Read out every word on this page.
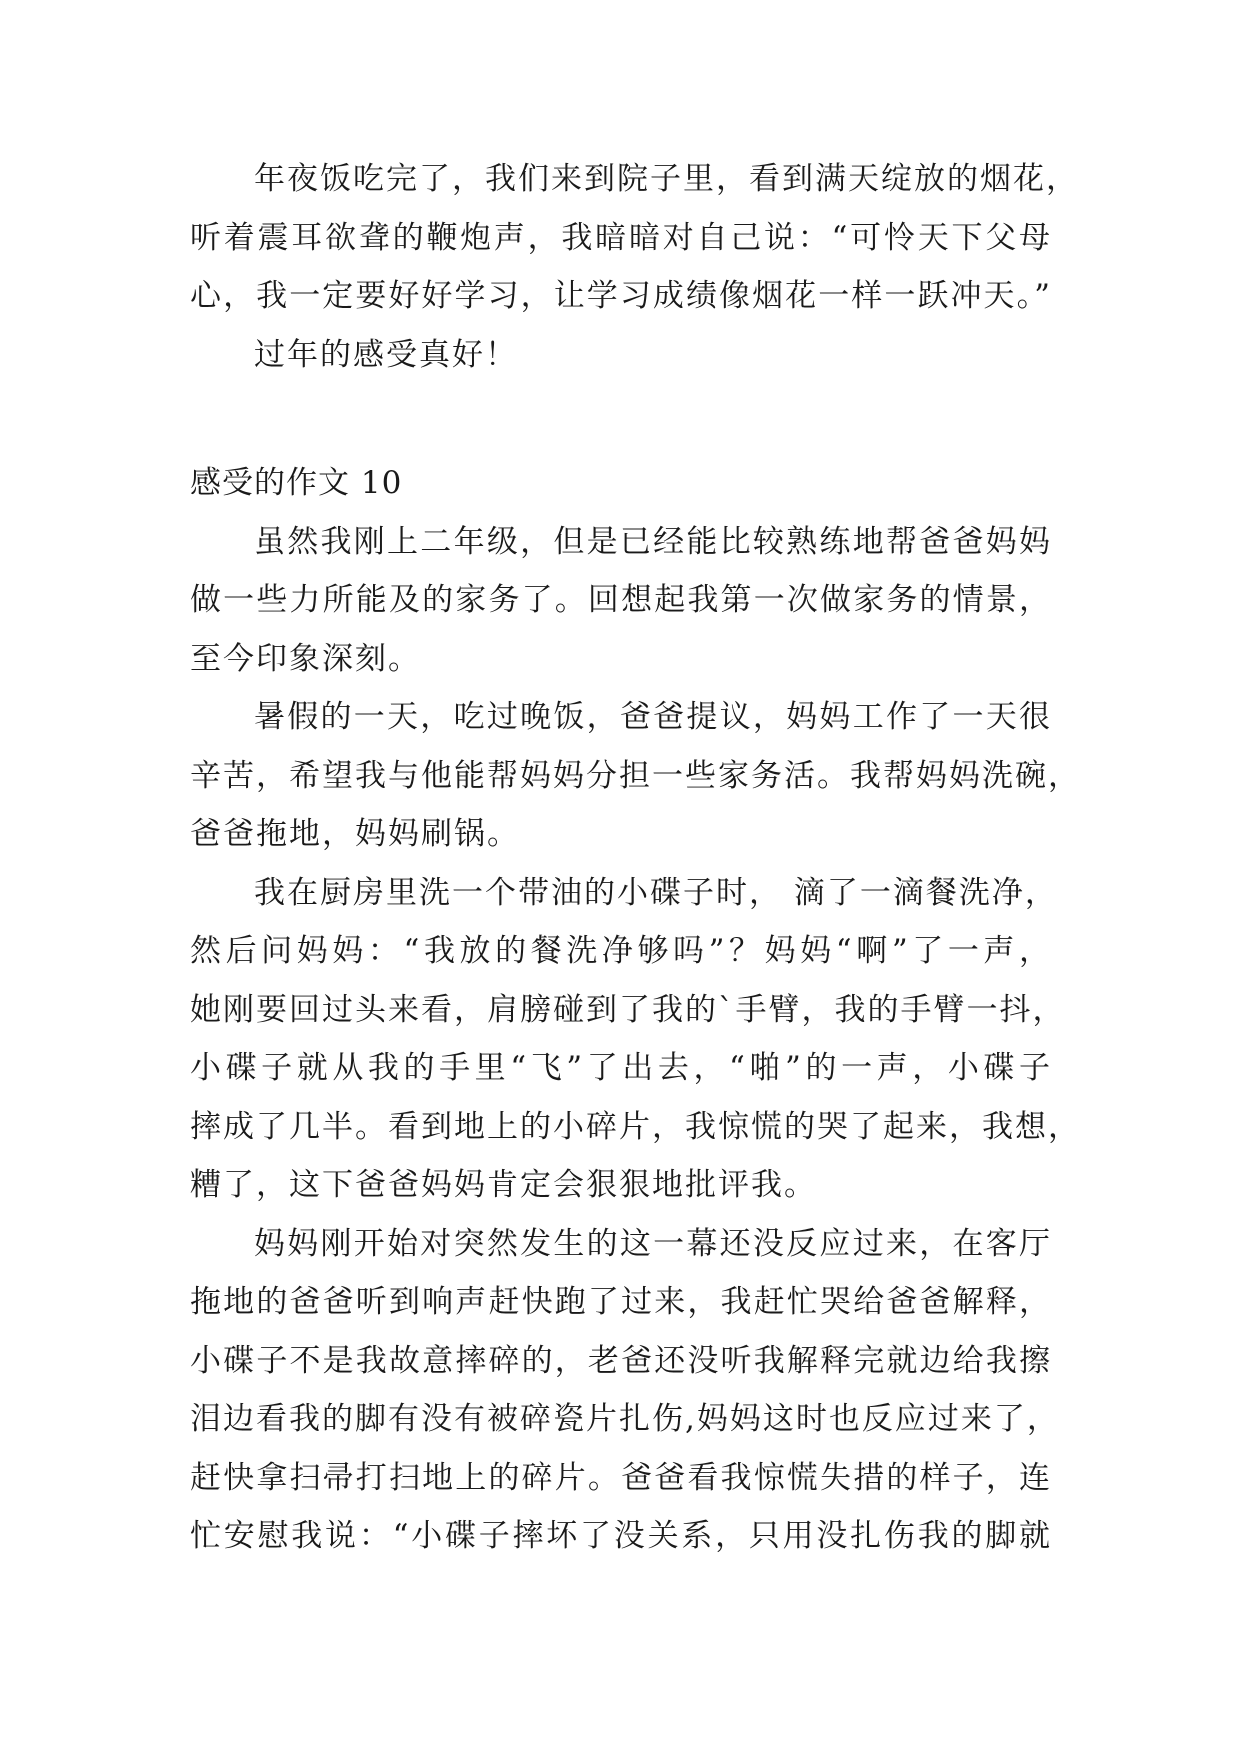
年夜饭吃完了，我们来到院子里，看到满天绽放的烟花，
听着震耳欲聋的鞭炮声，我暗暗对自己说：“可怜天下父母
心，我一定要好好学习，让学习成绩像烟花一样一跃冲天。”
过年的感受真好！
感受的作文 10
虽然我刚上二年级，但是已经能比较熟练地帮爸爸妈妈
做一些力所能及的家务了。回想起我第一次做家务的情景，
至今印象深刻。
暑假的一天，吃过晚饭，爸爸提议，妈妈工作了一天很
辛苦，希望我与他能帮妈妈分担一些家务活。我帮妈妈洗碗，
爸爸拖地，妈妈刷锅。
我在厨房里洗一个带油的小碟子时， 滴了一滴餐洗净，
然后问妈妈：“我放的餐洗净够吗”？妈妈“啊”了一声，
她刚要回过头来看，肩膀碰到了我的`手臂，我的手臂一抖，
小碟子就从我的手里“飞”了出去，“啪”的一声，小碟子
摔成了几半。看到地上的小碎片，我惊慌的哭了起来，我想，
糟了，这下爸爸妈妈肯定会狠狠地批评我。
妈妈刚开始对突然发生的这一幕还没反应过来，在客厅
拖地的爸爸听到响声赶快跑了过来，我赶忙哭给爸爸解释，
小碟子不是我故意摔碎的，老爸还没听我解释完就边给我擦
泪边看我的脚有没有被碎瓷片扎伤,妈妈这时也反应过来了，
赶快拿扫帚打扫地上的碎片。爸爸看我惊慌失措的样子，连
忙安慰我说：“小碟子摔坏了没关系，只用没扎伤我的脚就
